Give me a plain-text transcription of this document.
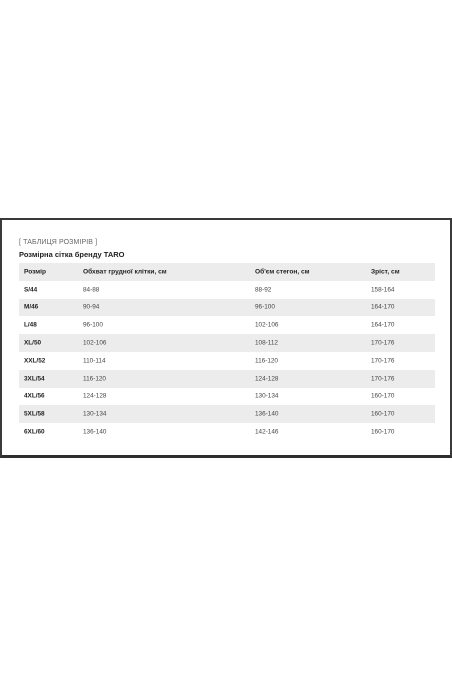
[ ТАБЛИЦЯ РОЗМІРІВ ]
Розмірна сітка бренду TARO
Розмір	Обхват грудної клітки, см	Об'єм стегон, см	Зріст, см
S/44	84-88	88-92	158-164
M/46	90-94	96-100	164-170
L/48	96-100	102-106	164-170
XL/50	102-106	108-112	170-176
XXL/52	110-114	116-120	170-176
3XL/54	116-120	124-128	170-176
4XL/56	124-128	130-134	160-170
5XL/58	130-134	136-140	160-170
6XL/60	136-140	142-146	160-170
